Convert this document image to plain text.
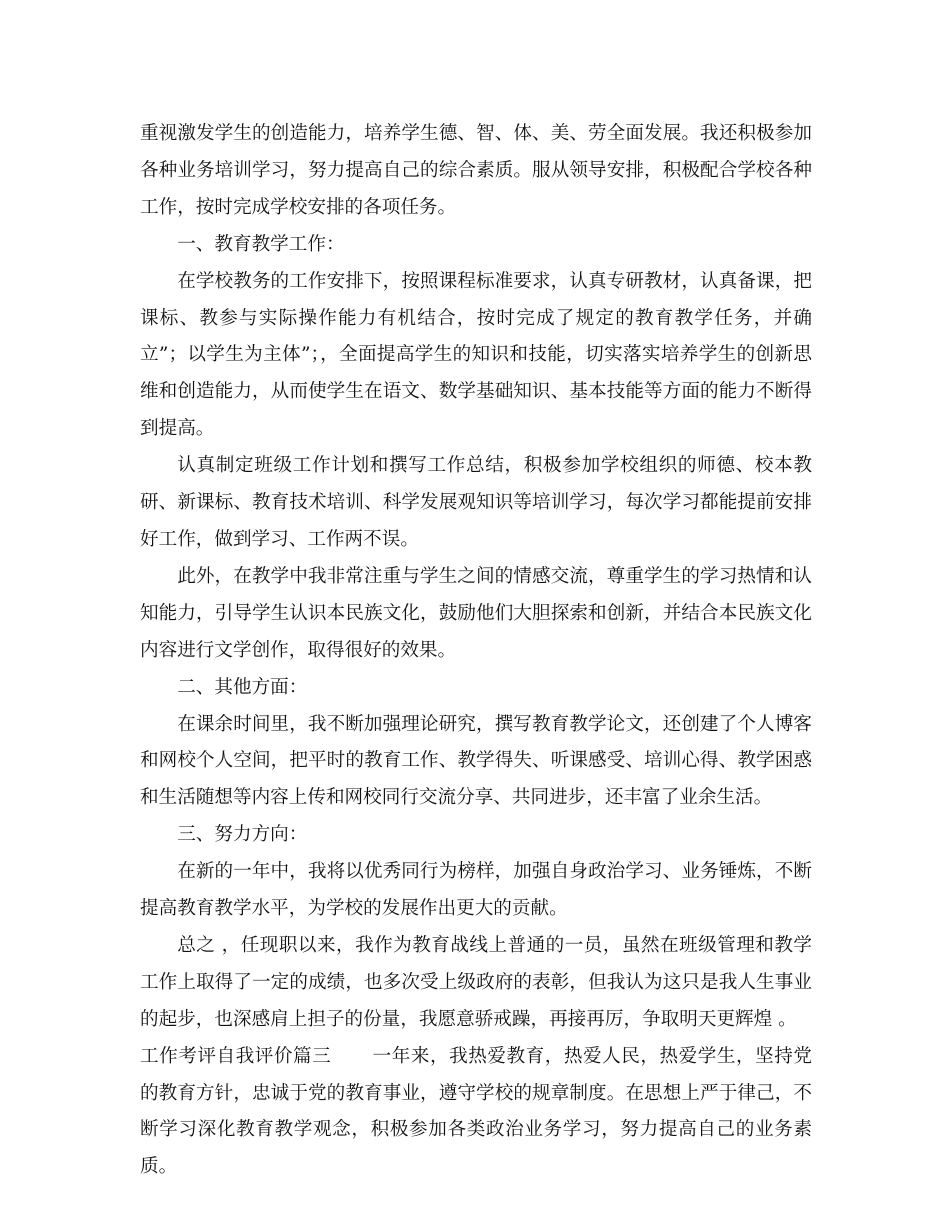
重视激发学生的创造能力，培养学生德、智、体、美、劳全面发展。我还积极参加各种业务培训学习，努力提高自己的综合素质。服从领导安排，积极配合学校各种工作，按时完成学校安排的各项任务。

一、教育教学工作：

在学校教务的工作安排下，按照课程标准要求，认真专研教材，认真备课，把课标、教参与实际操作能力有机结合，按时完成了规定的教育教学任务，并确立”；以学生为主体”；，全面提高学生的知识和技能，切实落实培养学生的创新思维和创造能力，从而使学生在语文、数学基础知识、基本技能等方面的能力不断得到提高。

认真制定班级工作计划和撰写工作总结，积极参加学校组织的师德、校本教研、新课标、教育技术培训、科学发展观知识等培训学习，每次学习都能提前安排好工作，做到学习、工作两不误。

此外，在教学中我非常注重与学生之间的情感交流，尊重学生的学习热情和认知能力，引导学生认识本民族文化，鼓励他们大胆探索和创新，并结合本民族文化内容进行文学创作，取得很好的效果。

二、其他方面：

在课余时间里，我不断加强理论研究，撰写教育教学论文，还创建了个人博客和网校个人空间，把平时的教育工作、教学得失、听课感受、培训心得、教学困惑和生活随想等内容上传和网校同行交流分享、共同进步，还丰富了业余生活。

三、努力方向：

在新的一年中，我将以优秀同行为榜样，加强自身政治学习、业务锤炼，不断提高教育教学水平，为学校的发展作出更大的贡献。

总之 ，任现职以来，我作为教育战线上普通的一员，虽然在班级管理和教学工作上取得了一定的成绩，也多次受上级政府的表彰，但我认为这只是我人生事业的起步，也深感肩上担子的份量，我愿意骄戒躁，再接再厉，争取明天更辉煌 。

工作考评自我评价篇三 一年来，我热爱教育，热爱人民，热爱学生，坚持党的教育方针，忠诚于党的教育事业，遵守学校的规章制度。在思想上严于律己，不断学习深化教育教学观念，积极参加各类政治业务学习，努力提高自己的业务素质。
